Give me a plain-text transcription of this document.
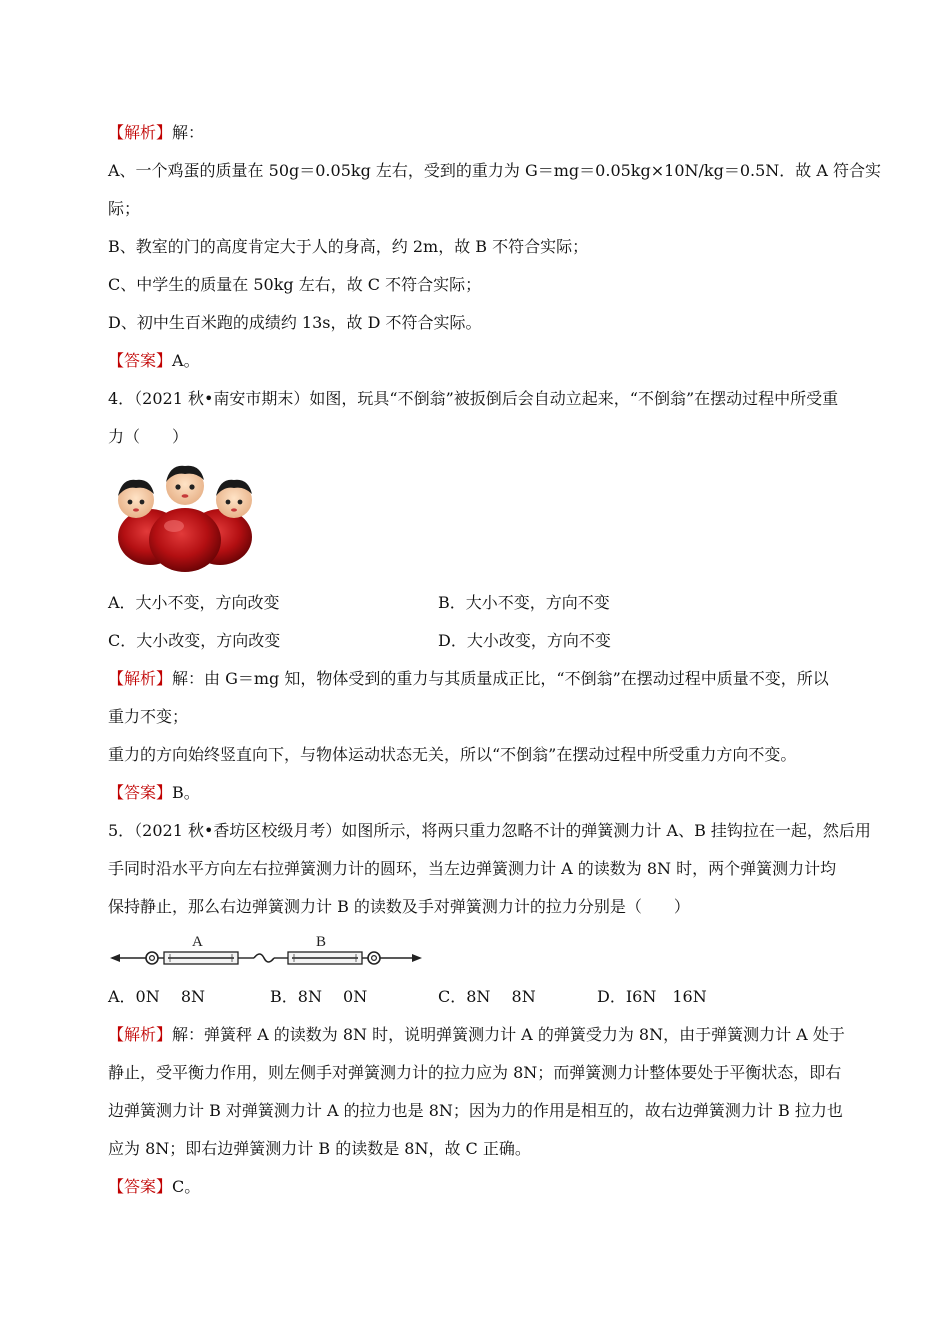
【解析】解：
A、一个鸡蛋的质量在 50g＝0.05kg 左右，受到的重力为 G＝mg＝0.05kg×10N/kg＝0.5N．故 A 符合实
际；
B、教室的门的高度肯定大于人的身高，约 2m，故 B 不符合实际；
C、中学生的质量在 50kg 左右，故 C 不符合实际；
D、初中生百米跑的成绩约 13s，故 D 不符合实际。
【答案】A。
4．（2021 秋•南安市期末）如图，玩具“不倒翁”被扳倒后会自动立起来，“不倒翁”在摆动过程中所受重
力（　　）
A．大小不变，方向改变	B．大小不变，方向不变
C．大小改变，方向改变	D．大小改变，方向不变
【解析】解：由 G＝mg 知，物体受到的重力与其质量成正比，“不倒翁”在摆动过程中质量不变，所以
重力不变；
重力的方向始终竖直向下，与物体运动状态无关，所以“不倒翁”在摆动过程中所受重力方向不变。
【答案】B。
5．（2021 秋•香坊区校级月考）如图所示，将两只重力忽略不计的弹簧测力计 A、B 挂钩拉在一起，然后用
手同时沿水平方向左右拉弹簧测力计的圆环，当左边弹簧测力计 A 的读数为 8N 时，两个弹簧测力计均
保持静止，那么右边弹簧测力计 B 的读数及手对弹簧测力计的拉力分别是（　　）
A	B
A．0N　 8N	B．8N　 0N	C．8N　 8N	D．I6N　16N
【解析】解：弹簧秤 A 的读数为 8N 时，说明弹簧测力计 A 的弹簧受力为 8N，由于弹簧测力计 A 处于
静止，受平衡力作用，则左侧手对弹簧测力计的拉力应为 8N；而弹簧测力计整体要处于平衡状态，即右
边弹簧测力计 B 对弹簧测力计 A 的拉力也是 8N；因为力的作用是相互的，故右边弹簧测力计 B 拉力也
应为 8N；即右边弹簧测力计 B 的读数是 8N，故 C 正确。
【答案】C。
